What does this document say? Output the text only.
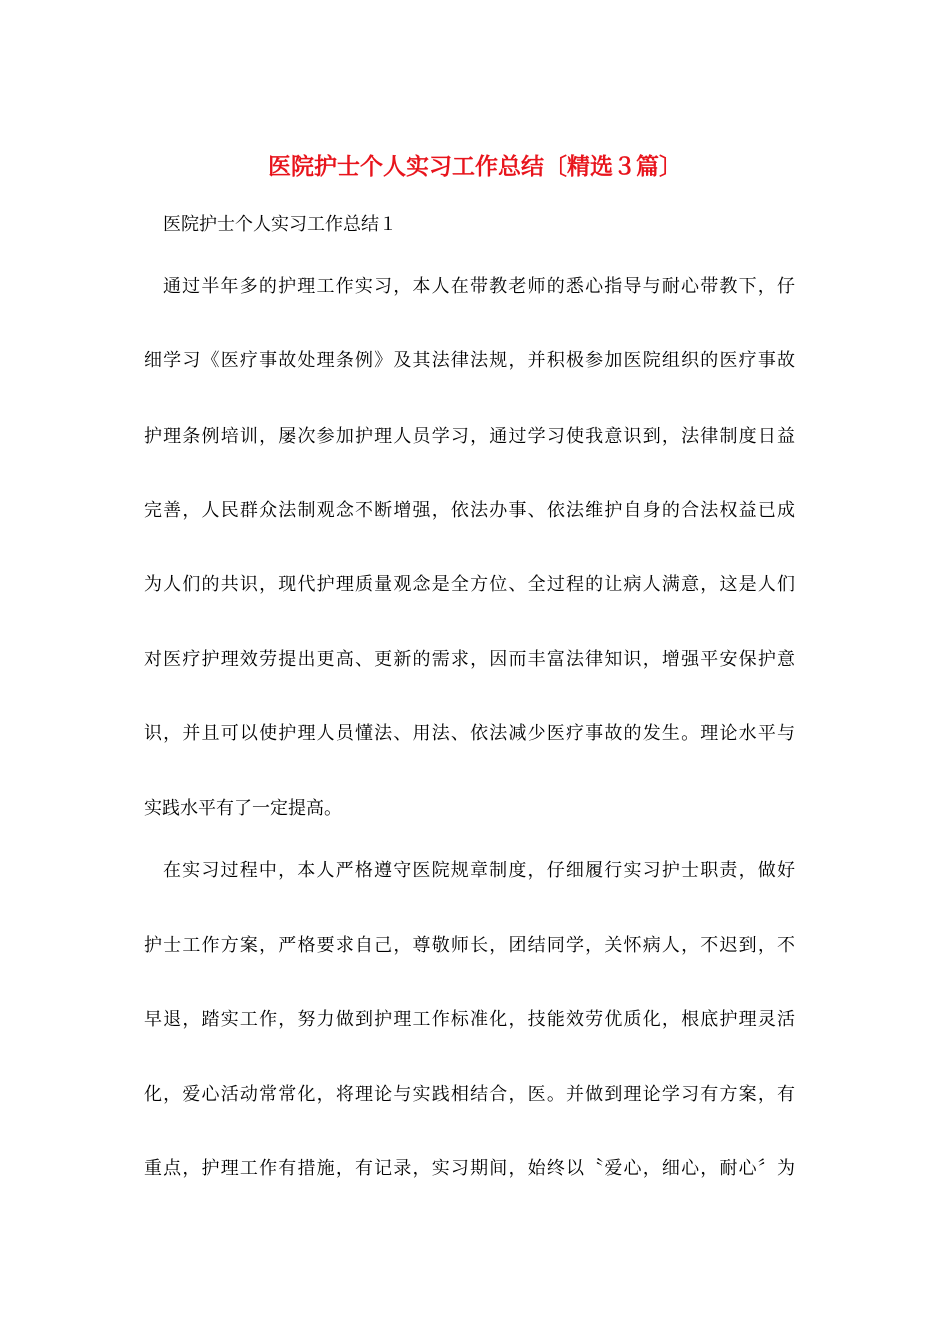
医院护士个人实习工作总结〔精选３篇〕
医院护士个人实习工作总结１
通过半年多的护理工作实习，本人在带教老师的悉心指导与耐心带教下，仔
细学习《医疗事故处理条例》及其法律法规，并积极参加医院组织的医疗事故
护理条例培训，屡次参加护理人员学习，通过学习使我意识到，法律制度日益
完善，人民群众法制观念不断增强，依法办事、依法维护自身的合法权益已成
为人们的共识，现代护理质量观念是全方位、全过程的让病人满意，这是人们
对医疗护理效劳提出更高、更新的需求，因而丰富法律知识，增强平安保护意
识，并且可以使护理人员懂法、用法、依法减少医疗事故的发生。理论水平与
实践水平有了一定提高。
在实习过程中，本人严格遵守医院规章制度，仔细履行实习护士职责，做好
护士工作方案，严格要求自己，尊敬师长，团结同学，关怀病人，不迟到，不
早退，踏实工作，努力做到护理工作标准化，技能效劳优质化，根底护理灵活
化，爱心活动常常化，将理论与实践相结合，医。并做到理论学习有方案，有
重点，护理工作有措施，有记录，实习期间，始终以〝爱心，细心，耐心〞为
